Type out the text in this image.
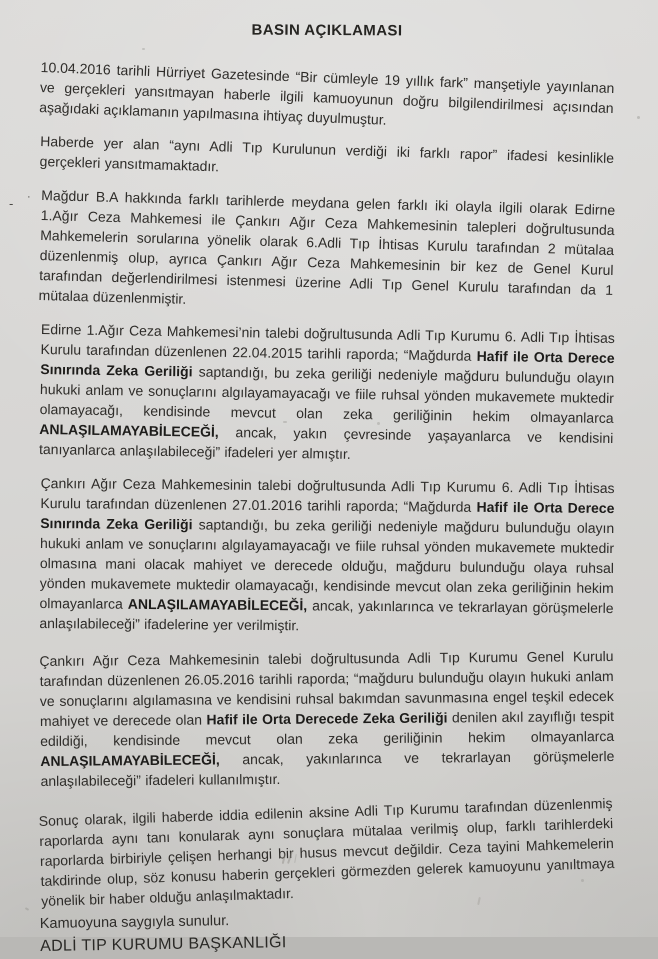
BASIN AÇIKLAMASI
10.04.2016 tarihli Hürriyet Gazetesinde “Bir cümleyle 19 yıllık fark” manşetiyle yayınlanan ve gerçekleri yansıtmayan haberle ilgili kamuoyunun doğru bilgilendirilmesi açısından aşağıdaki açıklamanın yapılmasına ihtiyaç duyulmuştur.
Haberde yer alan “aynı Adli Tıp Kurulunun verdiği iki farklı rapor” ifadesi kesinlikle gerçekleri yansıtmamaktadır.
Mağdur B.A hakkında farklı tarihlerde meydana gelen farklı iki olayla ilgili olarak Edirne 1.Ağır Ceza Mahkemesi ile Çankırı Ağır Ceza Mahkemesinin talepleri doğrultusunda Mahkemelerin sorularına yönelik olarak 6.Adli Tıp İhtisas Kurulu tarafından 2 mütalaa düzenlenmiş olup, ayrıca Çankırı Ağır Ceza Mahkemesinin bir kez de Genel Kurul tarafından değerlendirilmesi istenmesi üzerine Adli Tıp Genel Kurulu tarafından da 1 mütalaa düzenlenmiştir.
Edirne 1.Ağır Ceza Mahkemesi’nin talebi doğrultusunda Adli Tıp Kurumu 6. Adli Tıp İhtisas Kurulu tarafından düzenlenen 22.04.2015 tarihli raporda; “Mağdurda Hafif ile Orta Derece Sınırında Zeka Geriliği saptandığı, bu zeka geriliği nedeniyle mağduru bulunduğu olayın hukuki anlam ve sonuçlarını algılayamayacağı ve fiile ruhsal yönden mukavemete muktedir olamayacağı, kendisinde mevcut olan zeka geriliğinin hekim olmayanlarca ANLAŞILAMAYABİLECEĞİ, ancak, yakın çevresinde yaşayanlarca ve kendisini tanıyanlarca anlaşılabileceği” ifadeleri yer almıştır.
Çankırı Ağır Ceza Mahkemesinin talebi doğrultusunda Adli Tıp Kurumu 6. Adli Tıp İhtisas Kurulu tarafından düzenlenen 27.01.2016 tarihli raporda; “Mağdurda Hafif ile Orta Derece Sınırında Zeka Geriliği saptandığı, bu zeka geriliği nedeniyle mağduru bulunduğu olayın hukuki anlam ve sonuçlarını algılayamayacağı ve fiile ruhsal yönden mukavemete muktedir olmasına mani olacak mahiyet ve derecede olduğu, mağduru bulunduğu olaya ruhsal yönden mukavemete muktedir olamayacağı, kendisinde mevcut olan zeka geriliğinin hekim olmayanlarca ANLAŞILAMAYABİLECEĞİ, ancak, yakınlarınca ve tekrarlayan görüşmelerle anlaşılabileceği” ifadelerine yer verilmiştir.
Çankırı Ağır Ceza Mahkemesinin talebi doğrultusunda Adli Tıp Kurumu Genel Kurulu tarafından düzenlenen 26.05.2016 tarihli raporda; “mağduru bulunduğu olayın hukuki anlam ve sonuçlarını algılamasına ve kendisini ruhsal bakımdan savunmasına engel teşkil edecek mahiyet ve derecede olan Hafif ile Orta Derecede Zeka Geriliği denilen akıl zayıflığı tespit edildiği, kendisinde mevcut olan zeka geriliğinin hekim olmayanlarca ANLAŞILAMAYABİLECEĞİ, ancak, yakınlarınca ve tekrarlayan görüşmelerle anlaşılabileceği” ifadeleri kullanılmıştır.
Sonuç olarak, ilgili haberde iddia edilenin aksine Adli Tıp Kurumu tarafından düzenlenmiş raporlarda aynı tanı konularak aynı sonuçlara mütalaa verilmiş olup, farklı tarihlerdeki raporlarda birbiriyle çelişen herhangi bir husus mevcut değildir. Ceza tayini Mahkemelerin takdirinde olup, söz konusu haberin gerçekleri görmezden gelerek kamuoyunu yanıltmaya yönelik bir haber olduğu anlaşılmaktadır.
Kamuoyuna saygıyla sunulur.
ADLİ TIP KURUMU BAŞKANLIĞI
- ·
